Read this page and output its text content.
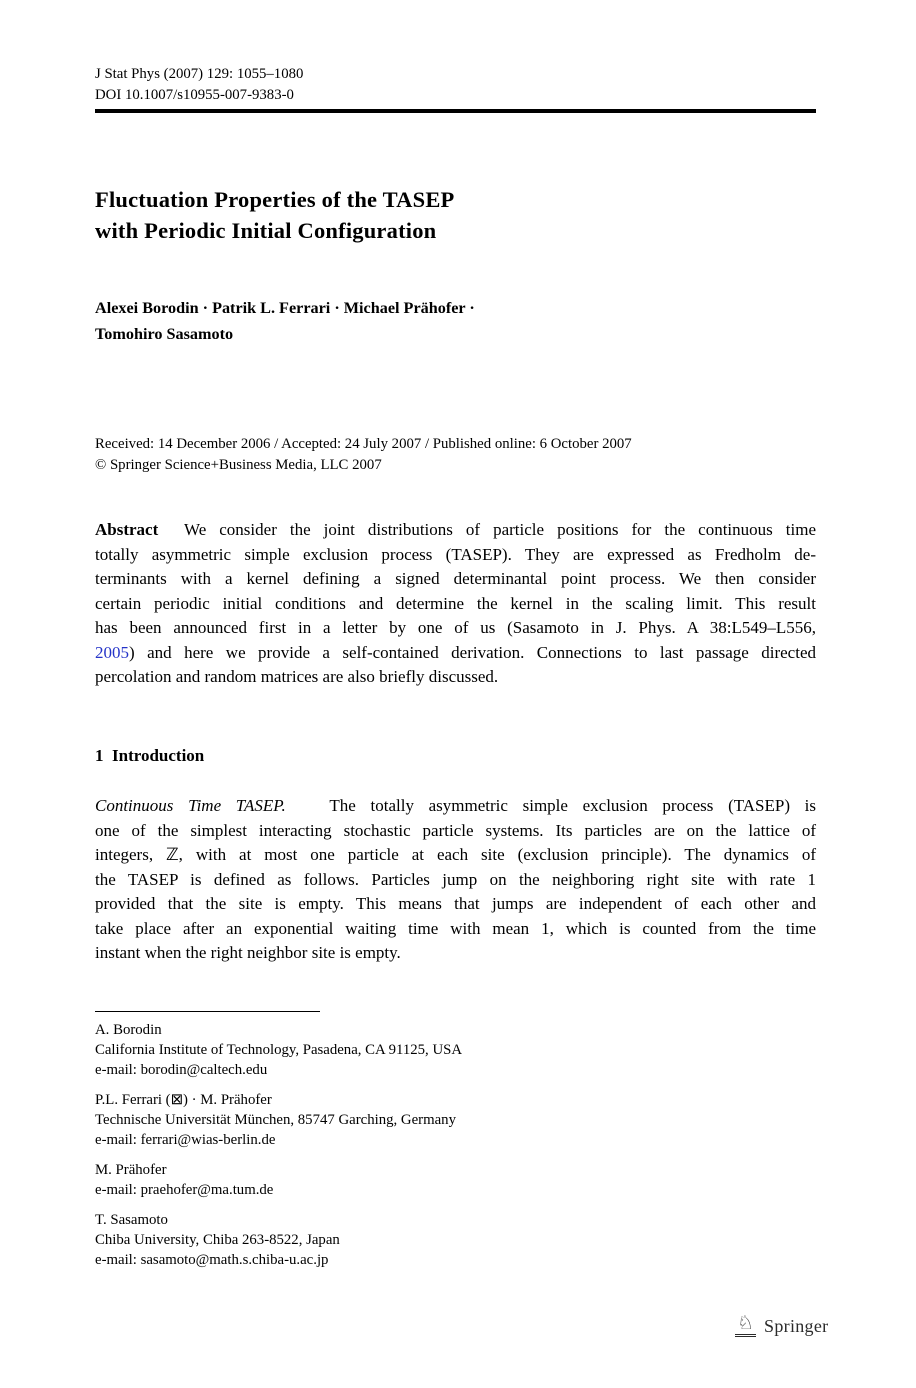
J Stat Phys (2007) 129: 1055–1080
DOI 10.1007/s10955-007-9383-0
Fluctuation Properties of the TASEP
with Periodic Initial Configuration
Alexei Borodin · Patrik L. Ferrari · Michael Prähofer ·
Tomohiro Sasamoto
Received: 14 December 2006 / Accepted: 24 July 2007 / Published online: 6 October 2007
© Springer Science+Business Media, LLC 2007
Abstract  We consider the joint distributions of particle positions for the continuous time
totally asymmetric simple exclusion process (TASEP). They are expressed as Fredholm de-
terminants with a kernel defining a signed determinantal point process. We then consider
certain periodic initial conditions and determine the kernel in the scaling limit. This result
has been announced first in a letter by one of us (Sasamoto in J. Phys. A 38:L549–L556,
2005) and here we provide a self-contained derivation. Connections to last passage directed
percolation and random matrices are also briefly discussed.
1  Introduction
Continuous Time TASEP.   The totally asymmetric simple exclusion process (TASEP) is
one of the simplest interacting stochastic particle systems. Its particles are on the lattice of
integers, ℤ, with at most one particle at each site (exclusion principle). The dynamics of
the TASEP is defined as follows. Particles jump on the neighboring right site with rate 1
provided that the site is empty. This means that jumps are independent of each other and
take place after an exponential waiting time with mean 1, which is counted from the time
instant when the right neighbor site is empty.
A. Borodin
California Institute of Technology, Pasadena, CA 91125, USA
e-mail: borodin@caltech.edu
P.L. Ferrari (⊠) · M. Prähofer
Technische Universität München, 85747 Garching, Germany
e-mail: ferrari@wias-berlin.de
M. Prähofer
e-mail: praehofer@ma.tum.de
T. Sasamoto
Chiba University, Chiba 263-8522, Japan
e-mail: sasamoto@math.s.chiba-u.ac.jp
♘ Springer
